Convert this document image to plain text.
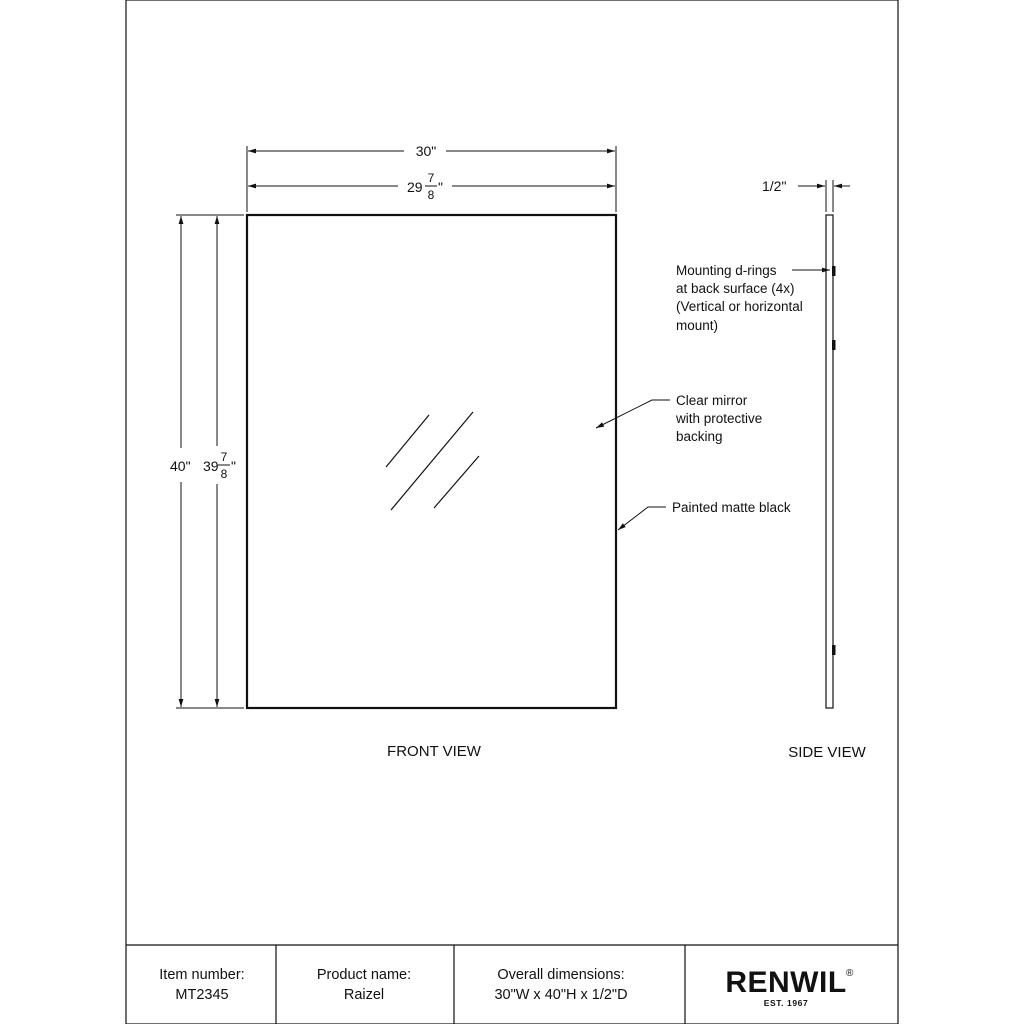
30"
29
7
8 "
40" 39
7
8 "
FRONT VIEW
1/2"
SIDE VIEW
Mounting d-rings
at back surface (4x)
(Vertical or horizontal
mount)
Clear mirror
with protective
backing
Painted matte black
Item number:
MT2345
Product name:
Raizel
Overall dimensions:
30"W x 40"H x 1/2"D	RENWIL ®
EST. 1967
